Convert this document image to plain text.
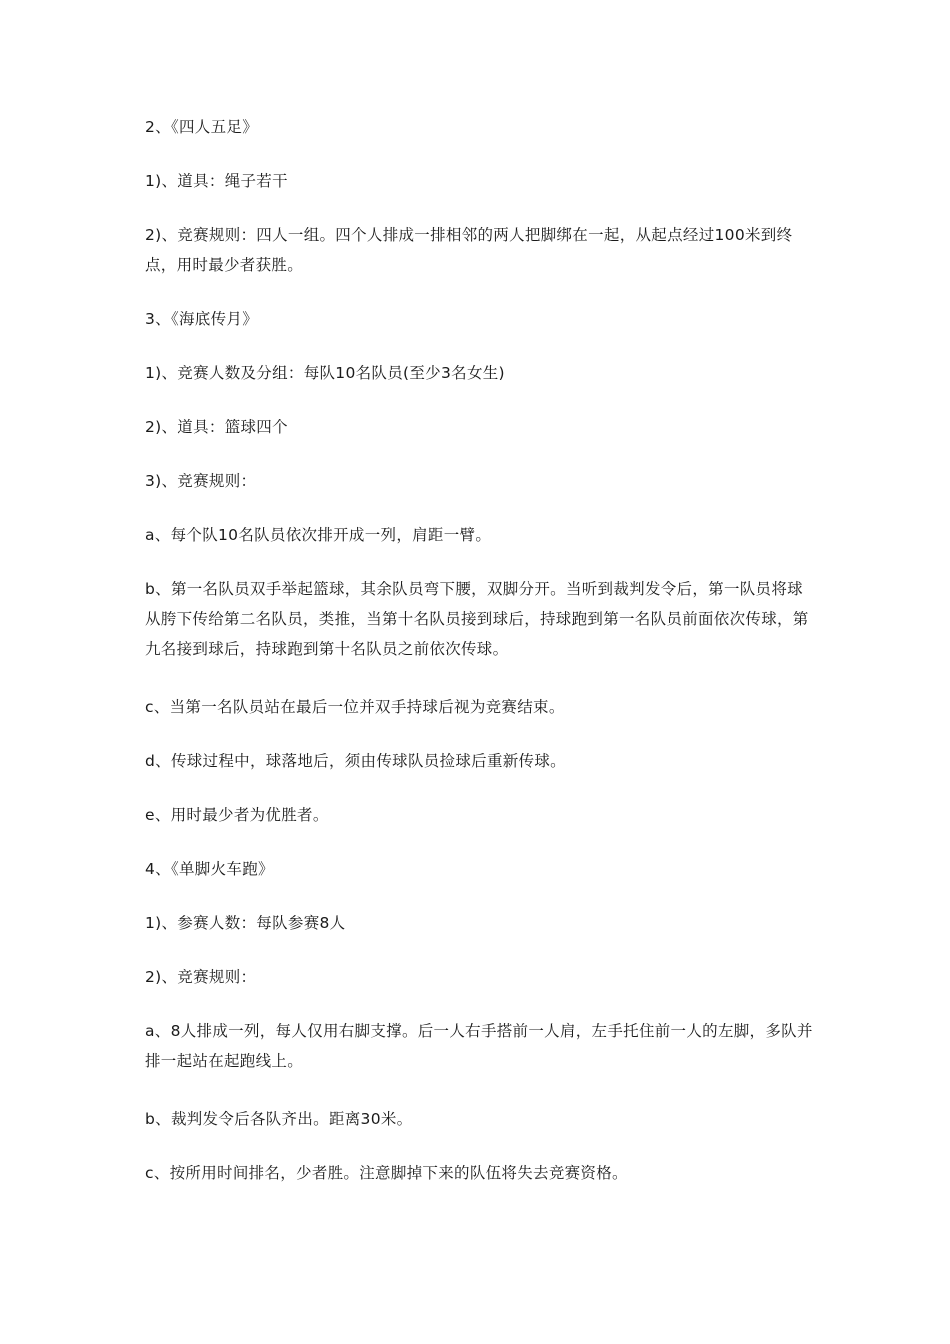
2、《四人五足》

1)、道具：绳子若干

2)、竞赛规则：四人一组。四个人排成一排相邻的两人把脚绑在一起，从起点经过100米到终点，用时最少者获胜。

3、《海底传月》

1)、竞赛人数及分组：每队10名队员(至少3名女生)

2)、道具：篮球四个

3)、竞赛规则：

a、每个队10名队员依次排开成一列，肩距一臂。

b、第一名队员双手举起篮球，其余队员弯下腰，双脚分开。当听到裁判发令后，第一队员将球从胯下传给第二名队员，类推，当第十名队员接到球后，持球跑到第一名队员前面依次传球，第九名接到球后，持球跑到第十名队员之前依次传球。

c、当第一名队员站在最后一位并双手持球后视为竞赛结束。

d、传球过程中，球落地后，须由传球队员捡球后重新传球。

e、用时最少者为优胜者。

4、《单脚火车跑》

1)、参赛人数：每队参赛8人

2)、竞赛规则：

a、8人排成一列，每人仅用右脚支撑。后一人右手搭前一人肩，左手托住前一人的左脚，多队并排一起站在起跑线上。

b、裁判发令后各队齐出。距离30米。

c、按所用时间排名，少者胜。注意脚掉下来的队伍将失去竞赛资格。
